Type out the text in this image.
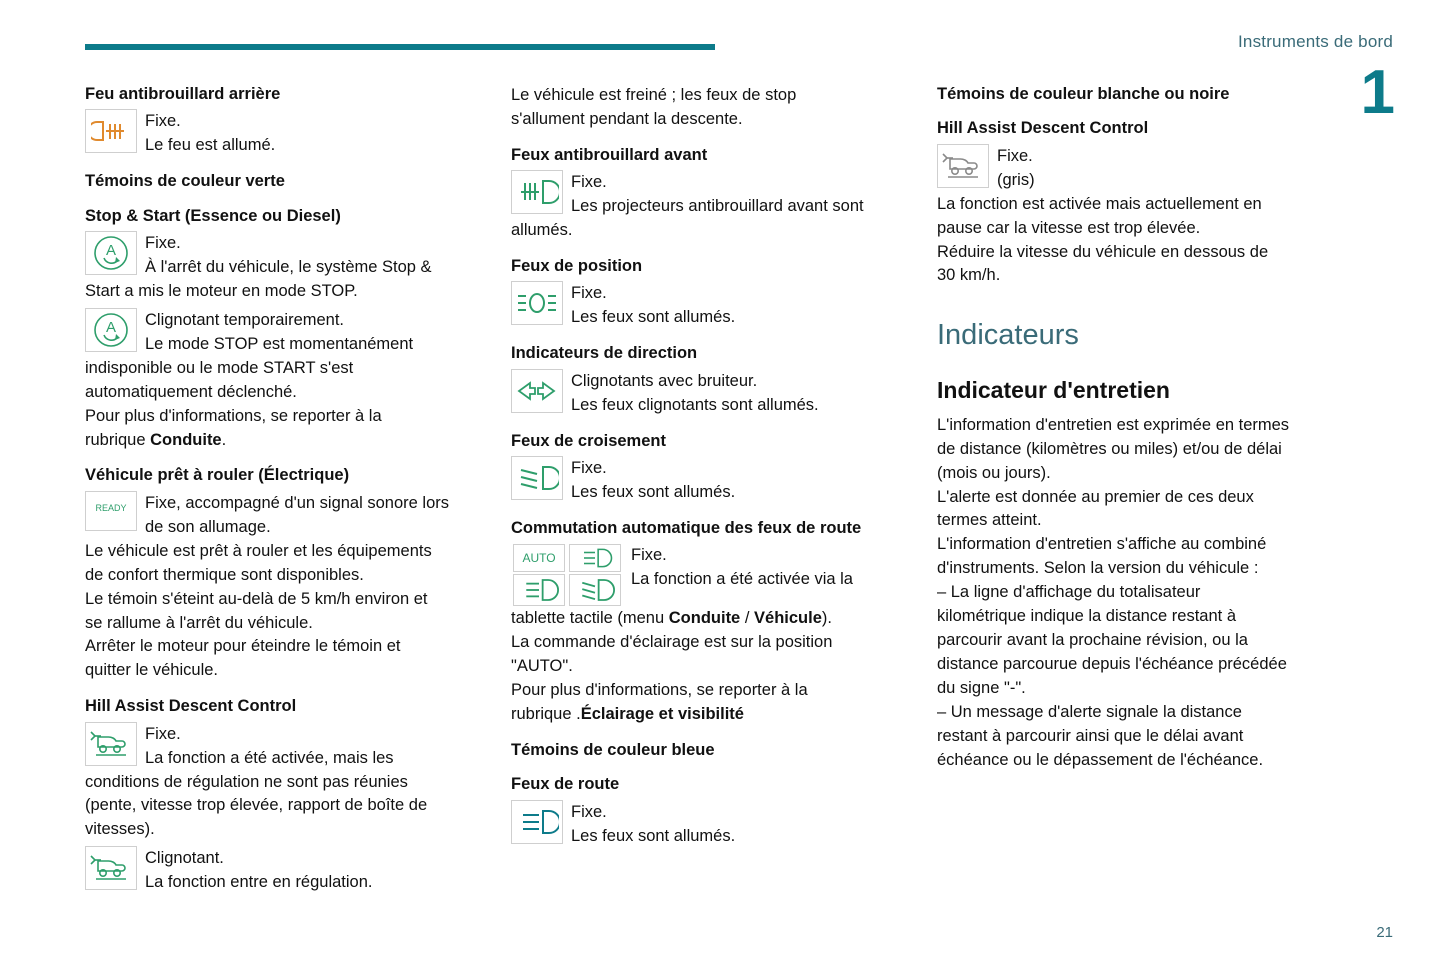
Instruments de bord
1
21
Feu antibrouillard arrière

Fixe.

Le feu est allumé.

Témoins de couleur verte
Stop & Start (Essence ou Diesel)
A Fixe.

À l'arrêt du véhicule, le système Stop &

Start a mis le moteur en mode STOP.

A Clignotant temporairement.

Le mode STOP est momentanément

indisponible ou le mode START s'est

automatiquement déclenché.

Pour plus d'informations, se reporter à la

rubrique Conduite.

Véhicule prêt à rouler (Électrique)
READY Fixe, accompagné d'un signal sonore lors

de son allumage.

Le véhicule est prêt à rouler et les équipements

de confort thermique sont disponibles.

Le témoin s'éteint au-delà de 5 km/h environ et

se rallume à l'arrêt du véhicule.

Arrêter le moteur pour éteindre le témoin et

quitter le véhicule.

Hill Assist Descent Control

Fixe.

La fonction a été activée, mais les

conditions de régulation ne sont pas réunies

(pente, vitesse trop élevée, rapport de boîte de

vitesses).

Clignotant.

La fonction entre en régulation.

Le véhicule est freiné ; les feux de stop

s'allument pendant la descente.

Feux antibrouillard avant

Fixe.

Les projecteurs antibrouillard avant sont

allumés.

Feux de position

Fixe.

Les feux sont allumés.

Indicateurs de direction

Clignotants avec bruiteur.

Les feux clignotants sont allumés.

Feux de croisement

Fixe.

Les feux sont allumés.

Commutation automatique des feux de route
AUTO	Fixe.

La fonction a été activée via la

tablette tactile (menu Conduite / Véhicule).

La commande d'éclairage est sur la position

"AUTO".

Pour plus d'informations, se reporter à la

rubrique .Éclairage et visibilité

Témoins de couleur bleue
Feux de route

Fixe.

Les feux sont allumés.

Témoins de couleur blanche ou noire
Hill Assist Descent Control

Fixe.

(gris)

La fonction est activée mais actuellement en

pause car la vitesse est trop élevée.

Réduire la vitesse du véhicule en dessous de

30 km/h.

Indicateurs
Indicateur d'entretien

L'information d'entretien est exprimée en termes

de distance (kilomètres ou miles) et/ou de délai

(mois ou jours).

L'alerte est donnée au premier de ces deux

termes atteint.

L'information d'entretien s'affiche au combiné

d'instruments. Selon la version du véhicule :

– La ligne d'affichage du totalisateur

kilométrique indique la distance restant à

parcourir avant la prochaine révision, ou la

distance parcourue depuis l'échéance précédée

du signe "-".

– Un message d'alerte signale la distance

restant à parcourir ainsi que le délai avant

échéance ou le dépassement de l'échéance.
